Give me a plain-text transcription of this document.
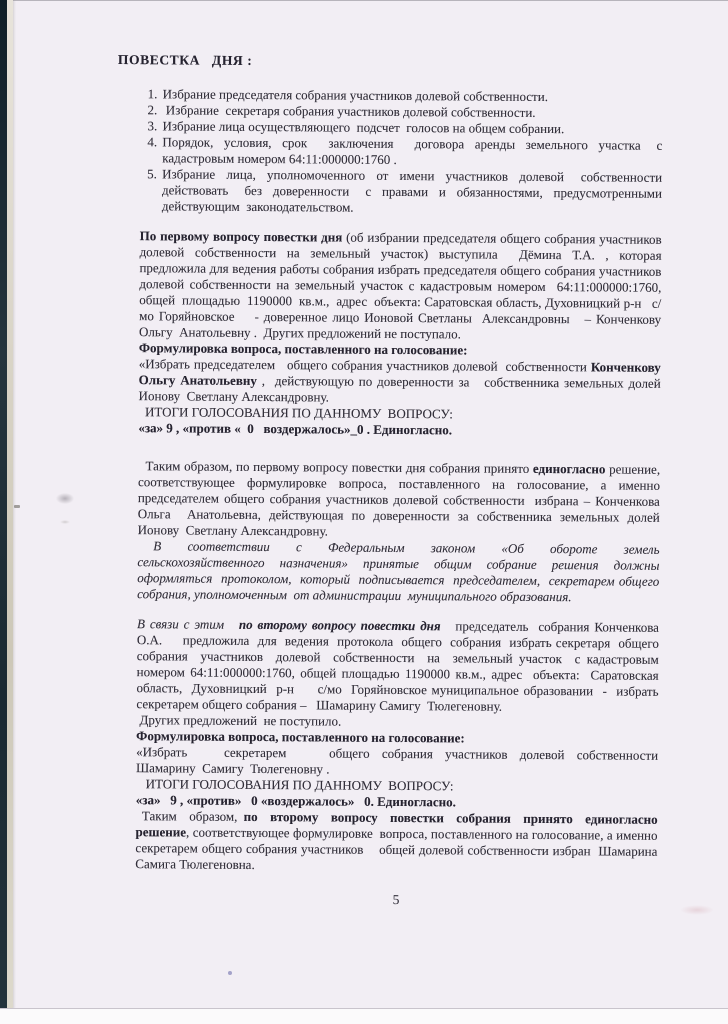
ПОВЕСТКА   ДНЯ :
1. Избрание председателя собрания участников долевой собственности.
2.  Избрание  секретаря собрания участников долевой собственности.
3. Избрание лица осуществляющего  подсчет  голосов на общем собрании.
4. Порядок,  условия,  срок    заключения    договора  аренды  земельного  участка   с кадастровым номером 64:11:000000:1760 .
5. Избрание  лица,  уполномоченного  от  имени  участников  долевой   собственности действовать   без  доверенности   с  правами  и  обязанностями,  предусмотренными действующим  законодательством.

По первому вопросу повестки дня (об избрании председателя общего собрания участников долевой собственности на земельный участок) выступила  Дёмина Т.А. , которая    предложила для ведения работы собрания избрать председателя общего собрания участников долевой собственности на земельный участок с кадастровым номером  64:11:000000:1760,  общей  площадью  1190000  кв.м.,  адрес  объекта: Саратовская область, Духовницкий р-н   с/мо Горяйновское    - доверенное лицо Ионовой Светланы  Александровны   – Конченкову  Ольгу  Анатольевну .  Других предложений не поступало.

Формулировка вопроса, поставленного на голосование:

«Избрать председателем   общего собрания участников долевой  собственности Конченкову Ольгу Анатольевну ,  действующую по доверенности за   собственника земельных долей  Ионову  Светлану Александровну.

ИТОГИ ГОЛОСОВАНИЯ ПО ДАННОМУ  ВОПРОСУ:

«за» 9 , «против «  0   воздержалось»_0 . Единогласно.

Таким образом, по первому вопросу повестки дня собрания принято единогласно решение, соответствующее формулировке вопроса, поставленного на голосование, а именно председателем общего собрания участников долевой собственности  избрана – Конченкова Ольга  Анатольевна, действующая по доверенности за собственника земельных долей   Ионову  Светлану Александровну.

В     соответствии     с     Федеральным     законом     «Об     обороте     земель сельскохозяйственного  назначения»  принятые  общим  собрание  решения  должны оформляться  протоколом,  который  подписывается  председателем,  секретарем общего  собрания, уполномоченным  от администрации  муниципального образования.

В связи с этим   по второму вопросу повестки дня   председатель  собрания Конченкова О.А.     предложила  для  ведения  протокола  общего  собрания  избрать секретаря  общего  собрания  участников  долевой  собственности  на  земельный участок  с кадастровым номером 64:11:000000:1760, общей площадью 1190000 кв.м., адрес  объекта:  Саратовская  область,  Духовницкий  р-н     с/мо  Горяйновское муниципальное образовании  -  избрать секретарем общего собрания –   Шамарину Самигу  Тюлегеновну.

Других предложений  не поступило.

Формулировка вопроса, поставленного на голосование:

«Избрать      секретарем       общего  собрания  участников  долевой  собственности Шамарину  Самигу  Тюлегеновну .

ИТОГИ ГОЛОСОВАНИЯ ПО ДАННОМУ  ВОПРОСУ:

«за»   9 , «против»   0 «воздержалось»   0. Единогласно.

Таким  образом, по  второму  вопросу  повестки  собрания  принято  единогласно решение, соответствующее формулировке  вопроса, поставленного на голосование, а именно секретарем общего собрания участников    общей долевой собственности избран  Шамарина Самига Тюлегеновна.

5
